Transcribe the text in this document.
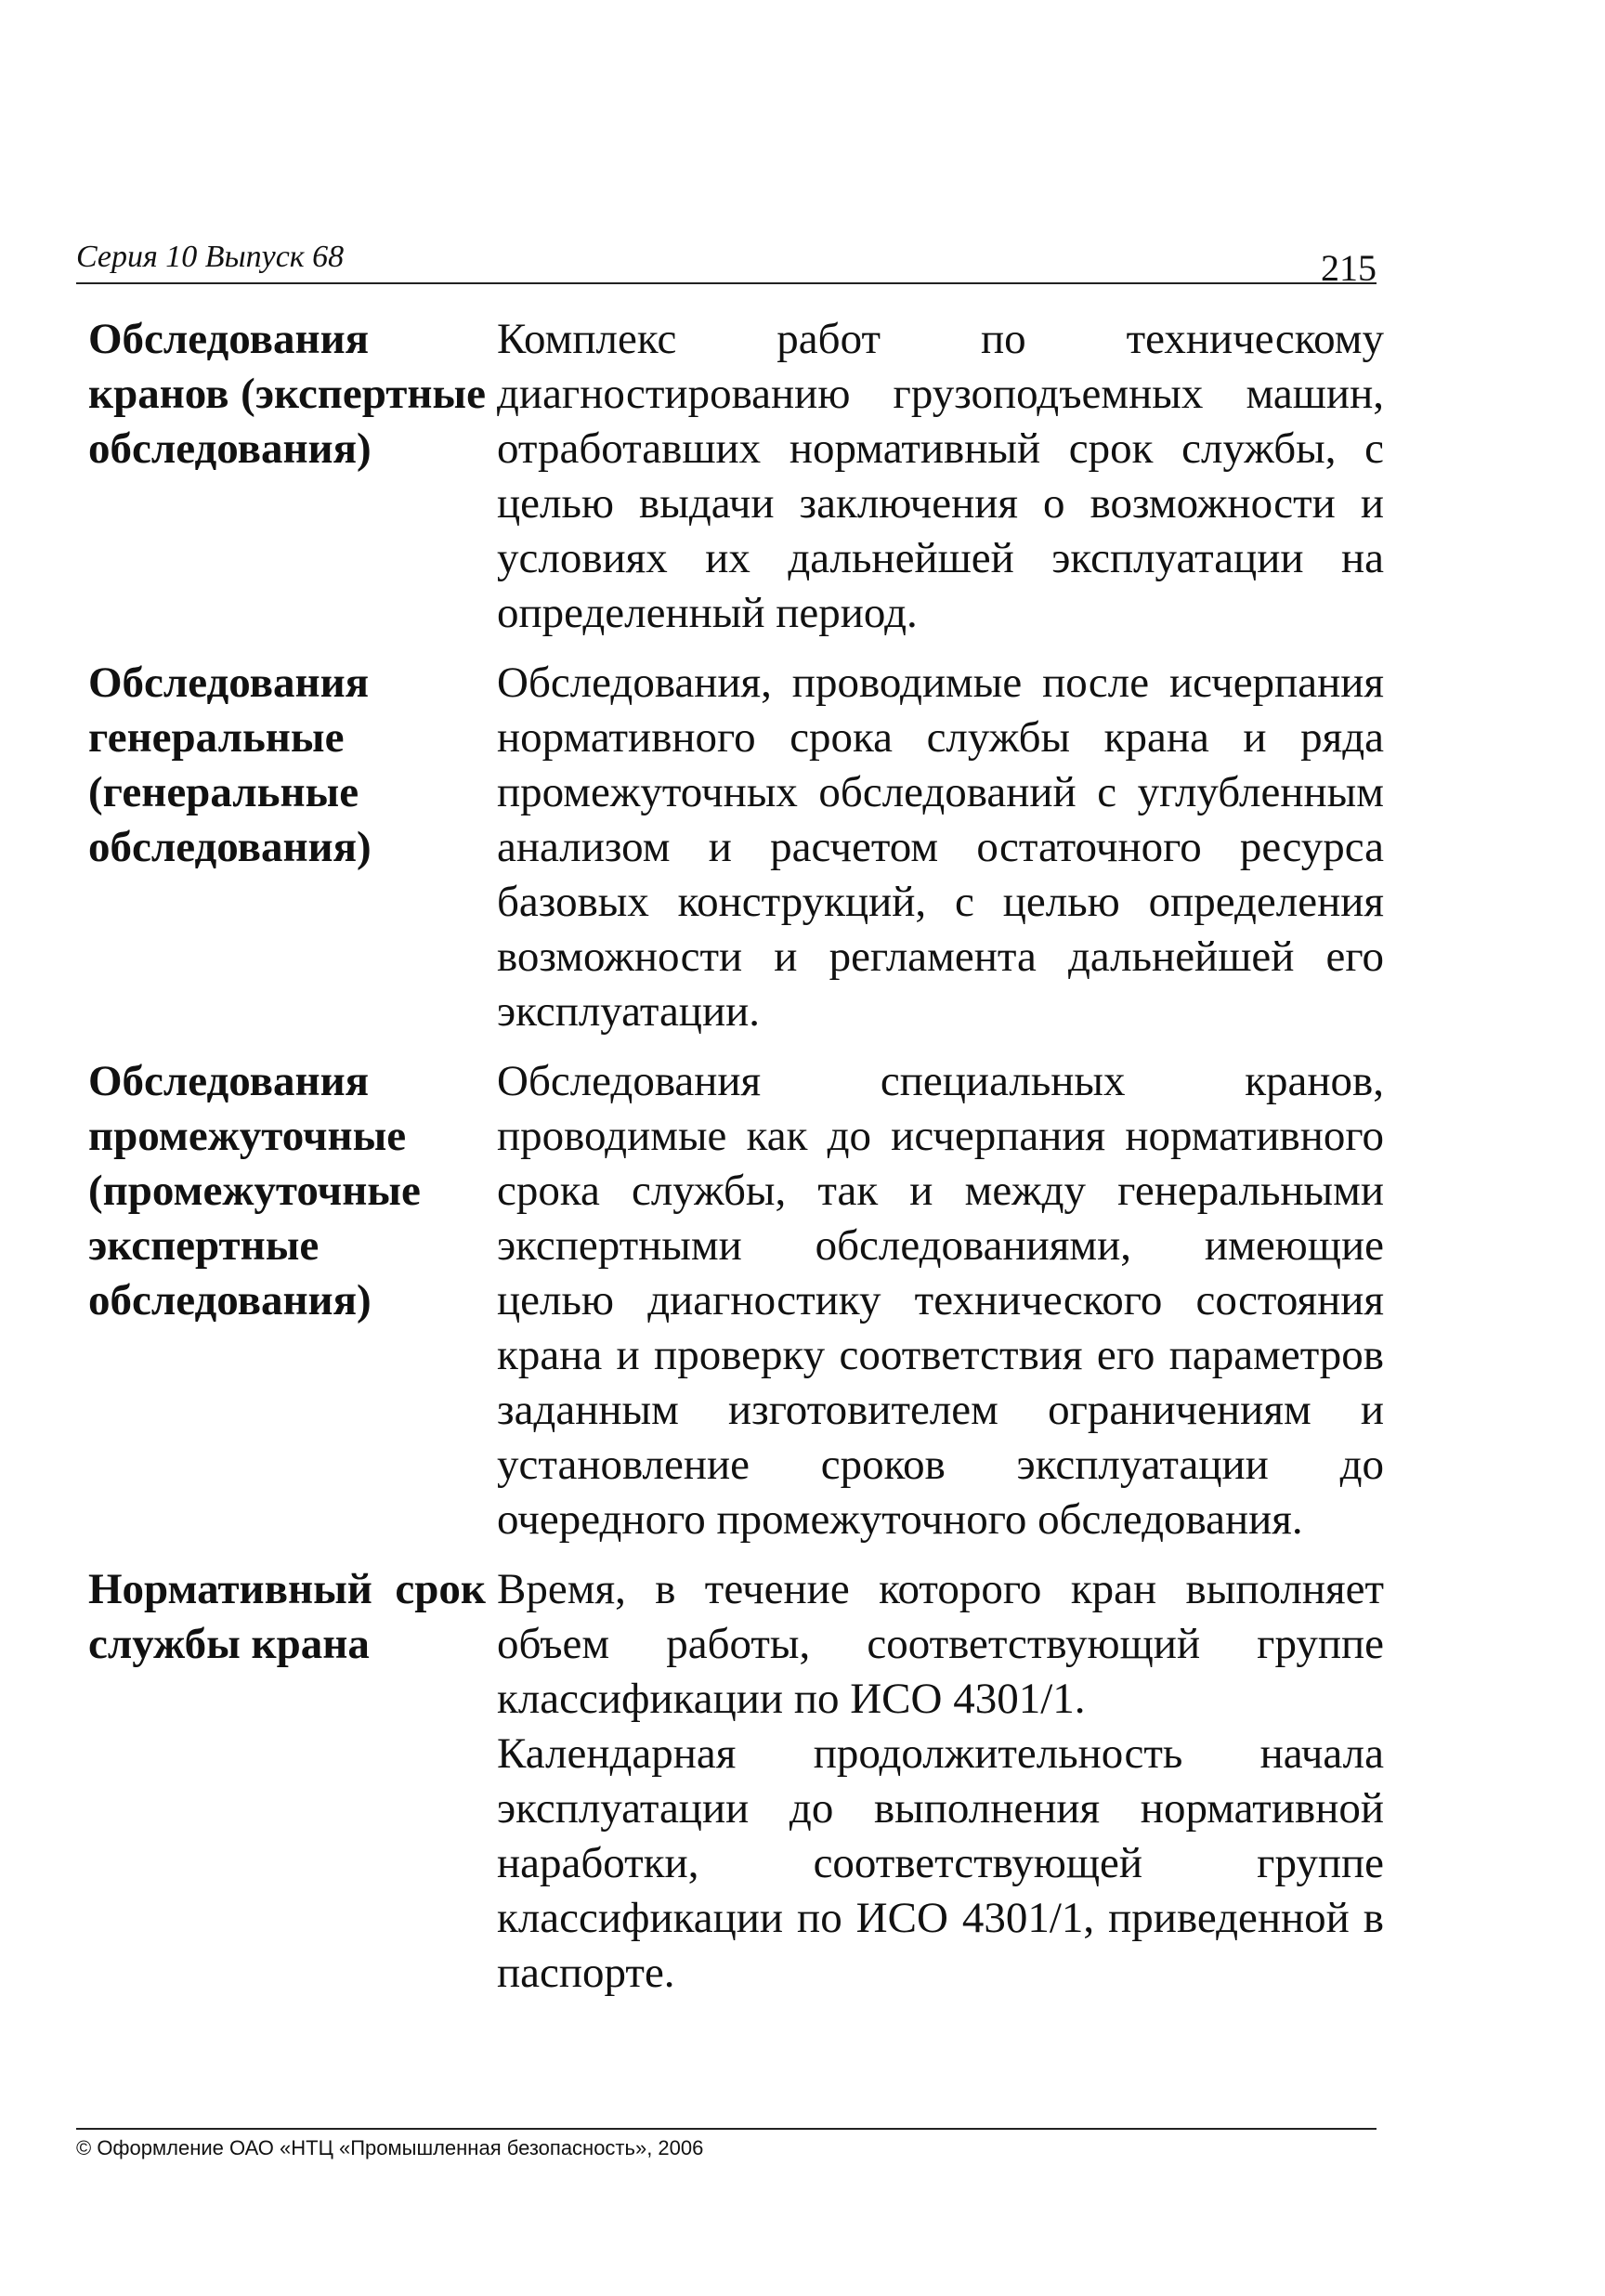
Серия 10 Выпуск 68	215
Обследования кранов (экспертные обследования)

Комплекс работ по техническому диагностированию грузоподъемных машин, отработавших нормативный срок службы, с целью выдачи заключения о возможности и условиях их дальнейшей эксплуатации на определенный период.

Обследования генеральные (генеральные обследования)

Обследования, проводимые после исчерпания нормативного срока службы крана и ряда промежуточных обследований с углубленным анализом и расчетом остаточного ресурса базовых конструкций, с целью определения возможности и регламента дальнейшей его эксплуатации.

Обследования промежуточные (промежуточные экспертные обследования)

Обследования специальных кранов, проводимые как до исчерпания нормативного срока службы, так и между генеральными экспертными обследованиями, имеющие целью диагностику технического состояния крана и проверку соответствия его параметров заданным изготовителем ограничениям и установление сроков эксплуатации до очередного промежуточного обследования.

Нормативный срок службы крана

Время, в течение которого кран выполняет объем работы, соответствующий группе классификации по ИСО 4301/1.

Календарная продолжительность начала эксплуатации до выполнения нормативной наработки, соответствующей группе классификации по ИСО 4301/1, приведенной в паспорте.

© Оформление ОАО «НТЦ «Промышленная безопасность», 2006
